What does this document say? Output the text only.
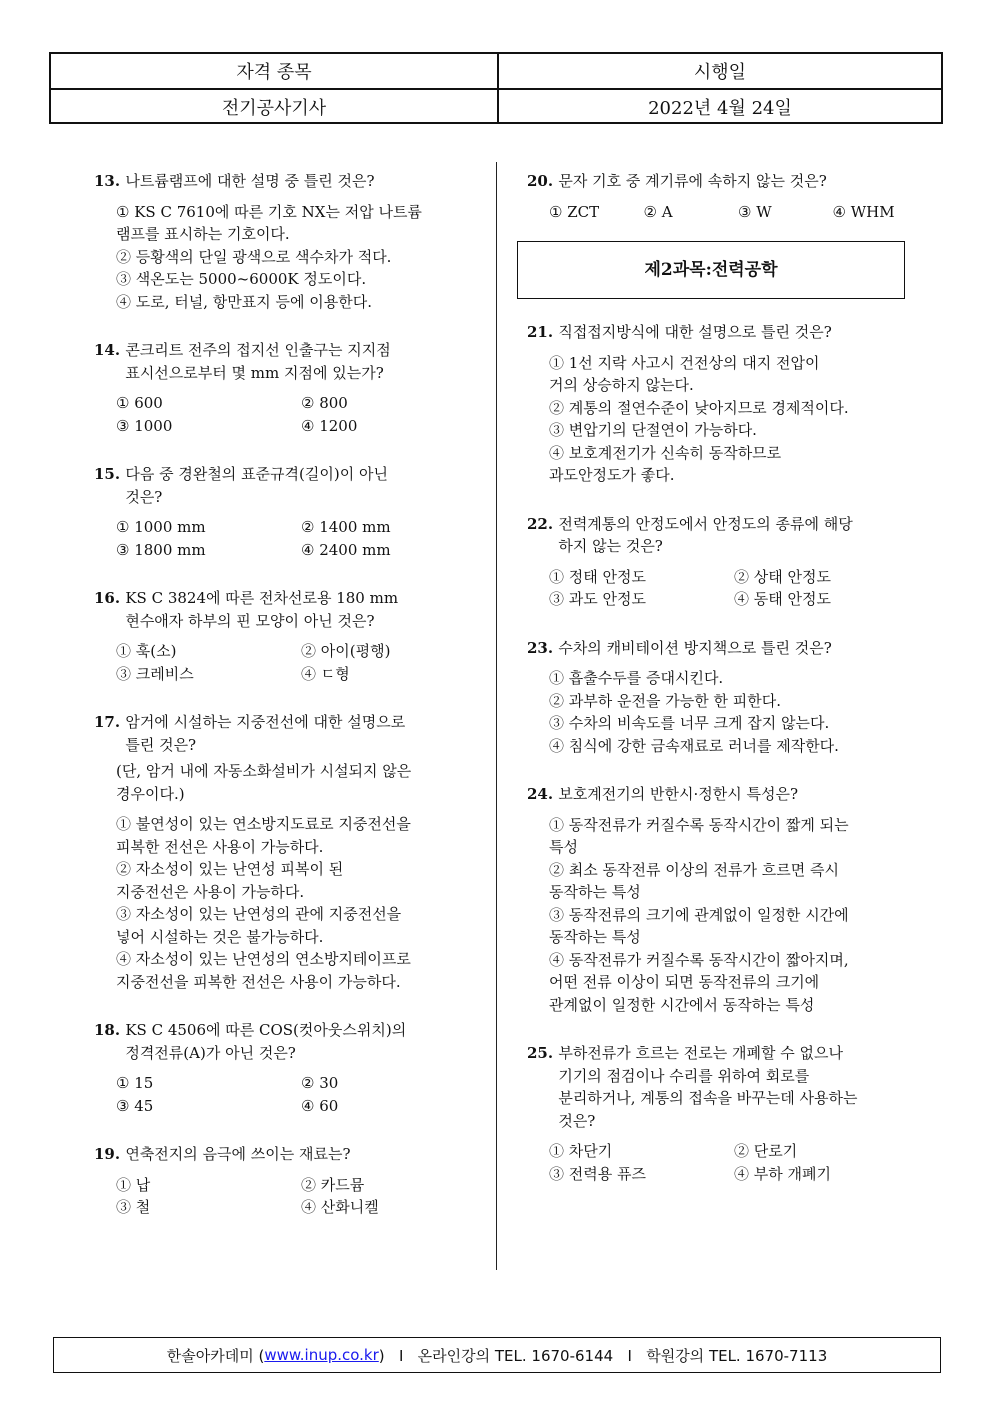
자격 종목	시행일
전기공사기사	2022년 4월 24일
13. 나트륨램프에 대한 설명 중 틀린 것은?
① KS C 7610에 따른 기호 NX는 저압 나트륨
램프를 표시하는 기호이다.
② 등황색의 단일 광색으로 색수차가 적다.
③ 색온도는 5000~6000K 정도이다.
④ 도로, 터널, 항만표지 등에 이용한다.
14. 콘크리트 전주의 접지선 인출구는 지지점
표시선으로부터 몇 mm 지점에 있는가?
① 600	② 800
③ 1000	④ 1200
15. 다음 중 경완철의 표준규격(길이)이 아닌
것은?
① 1000 mm	② 1400 mm
③ 1800 mm	④ 2400 mm
16. KS C 3824에 따른 전차선로용 180 mm
현수애자 하부의 핀 모양이 아닌 것은?
① 훅(소)	② 아이(평행)
③ 크레비스	④ ㄷ형
17. 암거에 시설하는 지중전선에 대한 설명으로
틀린 것은?
(단, 암거 내에 자동소화설비가 시설되지 않은
경우이다.)
① 불연성이 있는 연소방지도료로 지중전선을
피복한 전선은 사용이 가능하다.
② 자소성이 있는 난연성 피복이 된
지중전선은 사용이 가능하다.
③ 자소성이 있는 난연성의 관에 지중전선을
넣어 시설하는 것은 불가능하다.
④ 자소성이 있는 난연성의 연소방지테이프로
지중전선을 피복한 전선은 사용이 가능하다.
18. KS C 4506에 따른 COS(컷아웃스위치)의
정격전류(A)가 아닌 것은?
① 15	② 30
③ 45	④ 60
19. 연축전지의 음극에 쓰이는 재료는?
① 납	② 카드뮴
③ 철	④ 산화니켈
20. 문자 기호 중 계기류에 속하지 않는 것은?
① ZCT	② A	③ W	④ WHM
제2과목:전력공학
21. 직접접지방식에 대한 설명으로 틀린 것은?
① 1선 지락 사고시 건전상의 대지 전압이
거의 상승하지 않는다.
② 계통의 절연수준이 낮아지므로 경제적이다.
③ 변압기의 단절연이 가능하다.
④ 보호계전기가 신속히 동작하므로
과도안정도가 좋다.
22. 전력계통의 안정도에서 안정도의 종류에 해당
하지 않는 것은?
① 정태 안정도	② 상태 안정도
③ 과도 안정도	④ 동태 안정도
23. 수차의 캐비테이션 방지책으로 틀린 것은?
① 흡출수두를 증대시킨다.
② 과부하 운전을 가능한 한 피한다.
③ 수차의 비속도를 너무 크게 잡지 않는다.
④ 침식에 강한 금속재료로 러너를 제작한다.
24. 보호계전기의 반한시·정한시 특성은?
① 동작전류가 커질수록 동작시간이 짧게 되는
특성
② 최소 동작전류 이상의 전류가 흐르면 즉시
동작하는 특성
③ 동작전류의 크기에 관계없이 일정한 시간에
동작하는 특성
④ 동작전류가 커질수록 동작시간이 짧아지며,
어떤 전류 이상이 되면 동작전류의 크기에
관계없이 일정한 시간에서 동작하는 특성
25. 부하전류가 흐르는 전로는 개폐할 수 없으나
기기의 점검이나 수리를 위하여 회로를
분리하거나, 계통의 접속을 바꾸는데 사용하는
것은?
① 차단기	② 단로기
③ 전력용 퓨즈	④ 부하 개폐기
한솔아카데미 ( www.inup.co.kr )   I   온라인강의 TEL. 1670-6144   I   학원강의 TEL. 1670-7113
